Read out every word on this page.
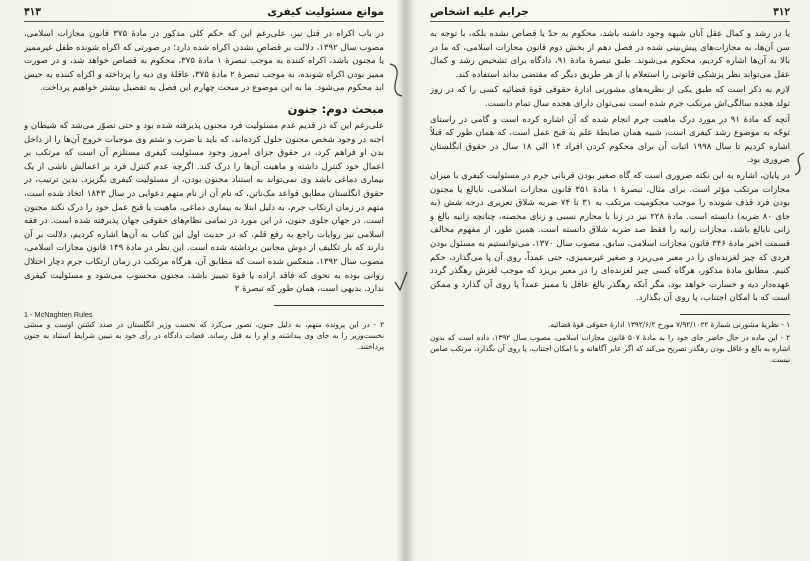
موانع مسئولیت کیفری
۳۱۳

در باب اکراه در قتل نیز، علی‌رغم این که حکم کلی مذکور در مادهٔ ۳۷۵ قانون مجازات اسلامی، مصوب سال ۱۳۹۲، دلالت بر قصاص نشدن اکراه شده دارد؛ در صورتی که اکراه شونده طفل غیرممیز یا مجنون باشد، اکراه کننده به موجب تبصرهٔ ۱ مادهٔ ۳۷۵، محکوم به قصاص خواهد شد، و در صورت ممیز بودن اکراه شونده، به موجب تبصرهٔ ۲ مادهٔ ۳۷۵، عاقلهٔ وی دیه را پرداخته و اکراه کننده به حبس ابد محکوم می‌شود. ما به این موضوع در مبحث چهارم این فصل به تفصیل بیشتر خواهیم پرداخت.

مبحث دوم: جنون

علی‌رغم این که در قدیم عدم مسئولیت فرد مجنون پذیرفته شده بود و حتی تصوّر می‌شد که شیطان و اجنه در وجود شخص مجنون حلول کرده‌اند، که باید با ضرب و شتم وی موجبات خروج آن‌ها را از داخل بدن او فراهم کرد، در حقوق جزای امروز وجود مسئولیت کیفری مستلزم آن است که مرتکب بر اعمال خود کنترل داشته و ماهیت آن‌ها را درک کند. اگرچه عدم کنترل فرد بر اعمالش ناشی از یک بیماری دماغی باشد وی نمی‌تواند به استناد مجنون بودن، از مسئولیت کیفری بگریزد. بدین ترتیب، در حقوق انگلستان مطابق قواعد مک‌ناتن، که نام آن از نام متهم دعوایی در سال ۱۸۴۳ اتخاذ شده است، متهم در زمان ارتکاب جرم، به دلیل ابتلا به بیماری دماغی، ماهیت یا قبح عمل خود را درک نکند مجنون است. در جهان جلوی جنون، در این مورد در تمامی نظام‌های حقوقی جهان پذیرفته شده است. در فقه اسلامی نیز روایات راجع به رفع قلم، که در حدیث اول این کتاب به آن‌ها اشاره کردیم، دلالت بر آن دارند که بار تکلیف از دوش مجانین برداشته شده است. این نظر در مادهٔ ۱۴۹ قانون مجازات اسلامی، مصوب سال ۱۳۹۲، منعکس شده است که مطابق آن، هرگاه مرتکب در زمان ارتکاب جرم دچار اختلال روانی بوده به نحوی که فاقد اراده یا قوهٔ تمییز باشد، مجنون محسوب می‌شود و مسئولیت کیفری ندارد. بدیهی است، همان طور که تبصرهٔ ۲

1 - McNaghten Rules

۲ - در این پرونده متهم، به دلیل جنون، تصور می‌کرد که نخست وزیر انگلستان در صدد کشتن اوست و منشی نخست‌وزیر را به جای وی پنداشته و او را به قتل رساند. قضات دادگاه در رأی خود به تبیین شرایط استناد به جنون پرداختند.

۳۱۲
جرایم علیه اشخاص

یا در رشد و کمال عقل آنان شبهه وجود داشته باشد، محکوم به حدّ یا قصاص نشده بلکه، با توجه به سن آن‌ها، به مجازات‌های پیش‌بینی شده در فصل دهم از بخش دوم قانون مجازات اسلامی، که ما در بالا به آن‌ها اشاره کردیم، محکوم می‌شوند. طبق تبصرهٔ مادهٔ ۹۱، دادگاه برای تشخیص رشد و کمال عقل می‌تواند نظر پزشکی قانونی را استعلام یا از هر طریق دیگر که مقتضی بداند استفاده کند.

لازم به ذکر است که طبق یکی از نظریه‌های مشورتی ادارهٔ حقوقی قوهٔ قضائیه کسی را که در روز تولد هجده سالگی‌اش مرتکب جرم شده است نمی‌توان دارای هجده سال تمام دانست.

آنچه که مادهٔ ۹۱ در مورد درک ماهیت جرم انجام شده که آن اشاره کرده است و گامی در راستای توجّه به موضوع رشد کیفری است، شبیه همان ضابطهٔ علم به قبح عمل است، که همان طور که قبلاً اشاره کردیم تا سال ۱۹۹۸ اثبات آن برای محکوم کردن افراد ۱۴ الی ۱۸ سال در حقوق انگلستان ضروری بود.

در پایان، اشاره به این نکته ضروری است که گاه صغیر بودن قربانی جرم در مسئولیت کیفری با میزان مجازات مرتکب مؤثر است. برای مثال، تبصرهٔ ۱ مادهٔ ۳۵۱ قانون مجازات اسلامی، نابالغ یا مجنون بودن فرد قذف شونده را موجب محکومیت مرتکب به ۳۱ تا ۷۴ ضربه شلاق تعزیری درجه شش (به جای ۸۰ ضربه) دانسته است. مادهٔ ۲۲۸ نیز در زنا با محارم نسبی و زنای محصنه، چنانچه زانیه بالغ و زانی نابالغ باشد، مجازات زانیه را فقط صد ضربه شلاق دانسته است. همین طور، از مفهوم مخالف قسمت اخیر مادهٔ ۳۴۶ قانون مجازات اسلامی، سابق، مصوب سال ۱۳۷۰، می‌توانستیم به مسئول بودن فردی که چیز لغزنده‌ای را در معبر می‌ریزد و صغیر غیرممیزی، حتی عمداً، روی آن پا می‌گذارد، حکم کنیم. مطابق مادهٔ مذکور، هرگاه کسی چیز لغزنده‌ای را در معبر بریزد که موجب لغزش رهگذر گردد عهده‌دار دیه و خسارت خواهد بود، مگر آنکه رهگذر بالغ عاقل یا ممیز عمداً پا روی آن گذارد و ممکن است که با امکان اجتناب، پا روی آن بگذارد.

۱ - نظریهٔ مشورتی شمارهٔ ۷/۹۲/۱۰۲۲ مورخ ۱۳۹۲/۶/۲ ادارهٔ حقوقی قوهٔ قضائیه.

۲ - این ماده در حال حاضر جای خود را به مادهٔ ۵۰۷ قانون مجازات اسلامی، مصوب سال ۱۳۹۲، داده است که بدون اشاره به بالغ و عاقل بودن رهگذر تصریح می‌کند که اگر عابر آگاهانه و با امکان اجتناب، پا روی آن بگذارد، مرتکب ضامن نیست.
